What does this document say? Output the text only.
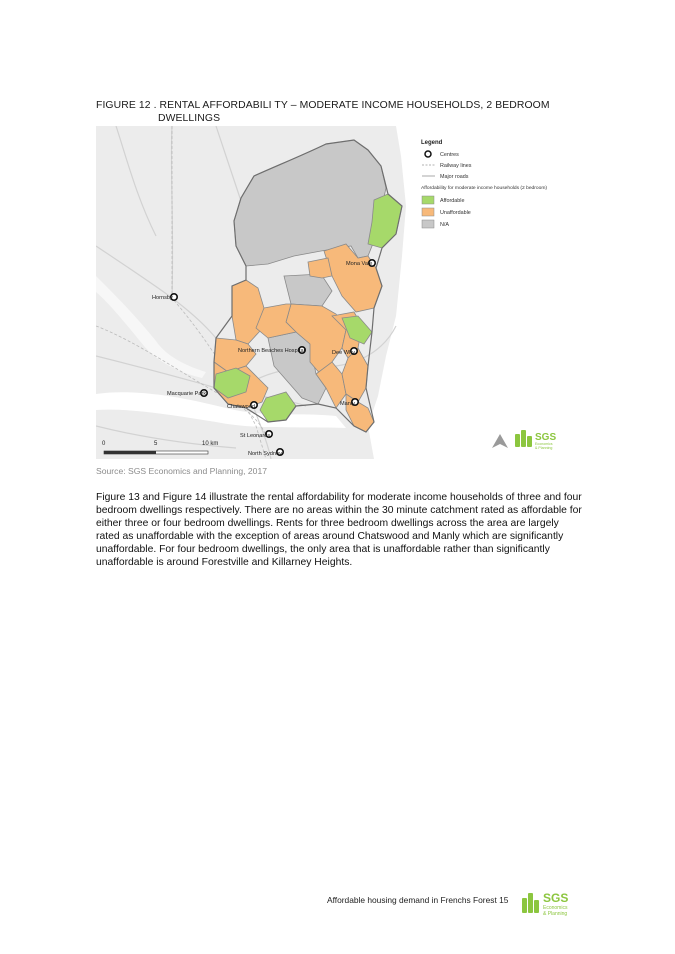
FIGURE 12 . RENTAL AFFORDABILI TY – MODERATE INCOME HOUSEHOLDS, 2 BEDROOM
DWELLINGS
Mona Vale
Hornsby
Northern Beaches Hospital	Dee Why
Macquarie Park
Chatswood	Manly
St Leonards
North Sydney
0	5	10 km
Legend
Centres
Railway lines
Major roads
Affordability for moderate income households (2 bedroom)
Affordable
Unaffordable
N/A
SGS
Economics
& Planning
Source: SGS Economics and Planning, 2017
Figure 13 and Figure 14 illustrate the rental affordability for moderate income households of three and four bedroom dwellings respectively. There are no areas within the 30 minute catchment rated as affordable for either three or four bedroom dwellings. Rents for three bedroom dwellings across the area are largely rated as unaffordable with the exception of areas around Chatswood and Manly which are significantly unaffordable. For four bedroom dwellings, the only area that is unaffordable rather than significantly unaffordable is around Forestville and Killarney Heights.
Affordable housing demand in Frenchs Forest 15	SGS
Economics
& Planning
